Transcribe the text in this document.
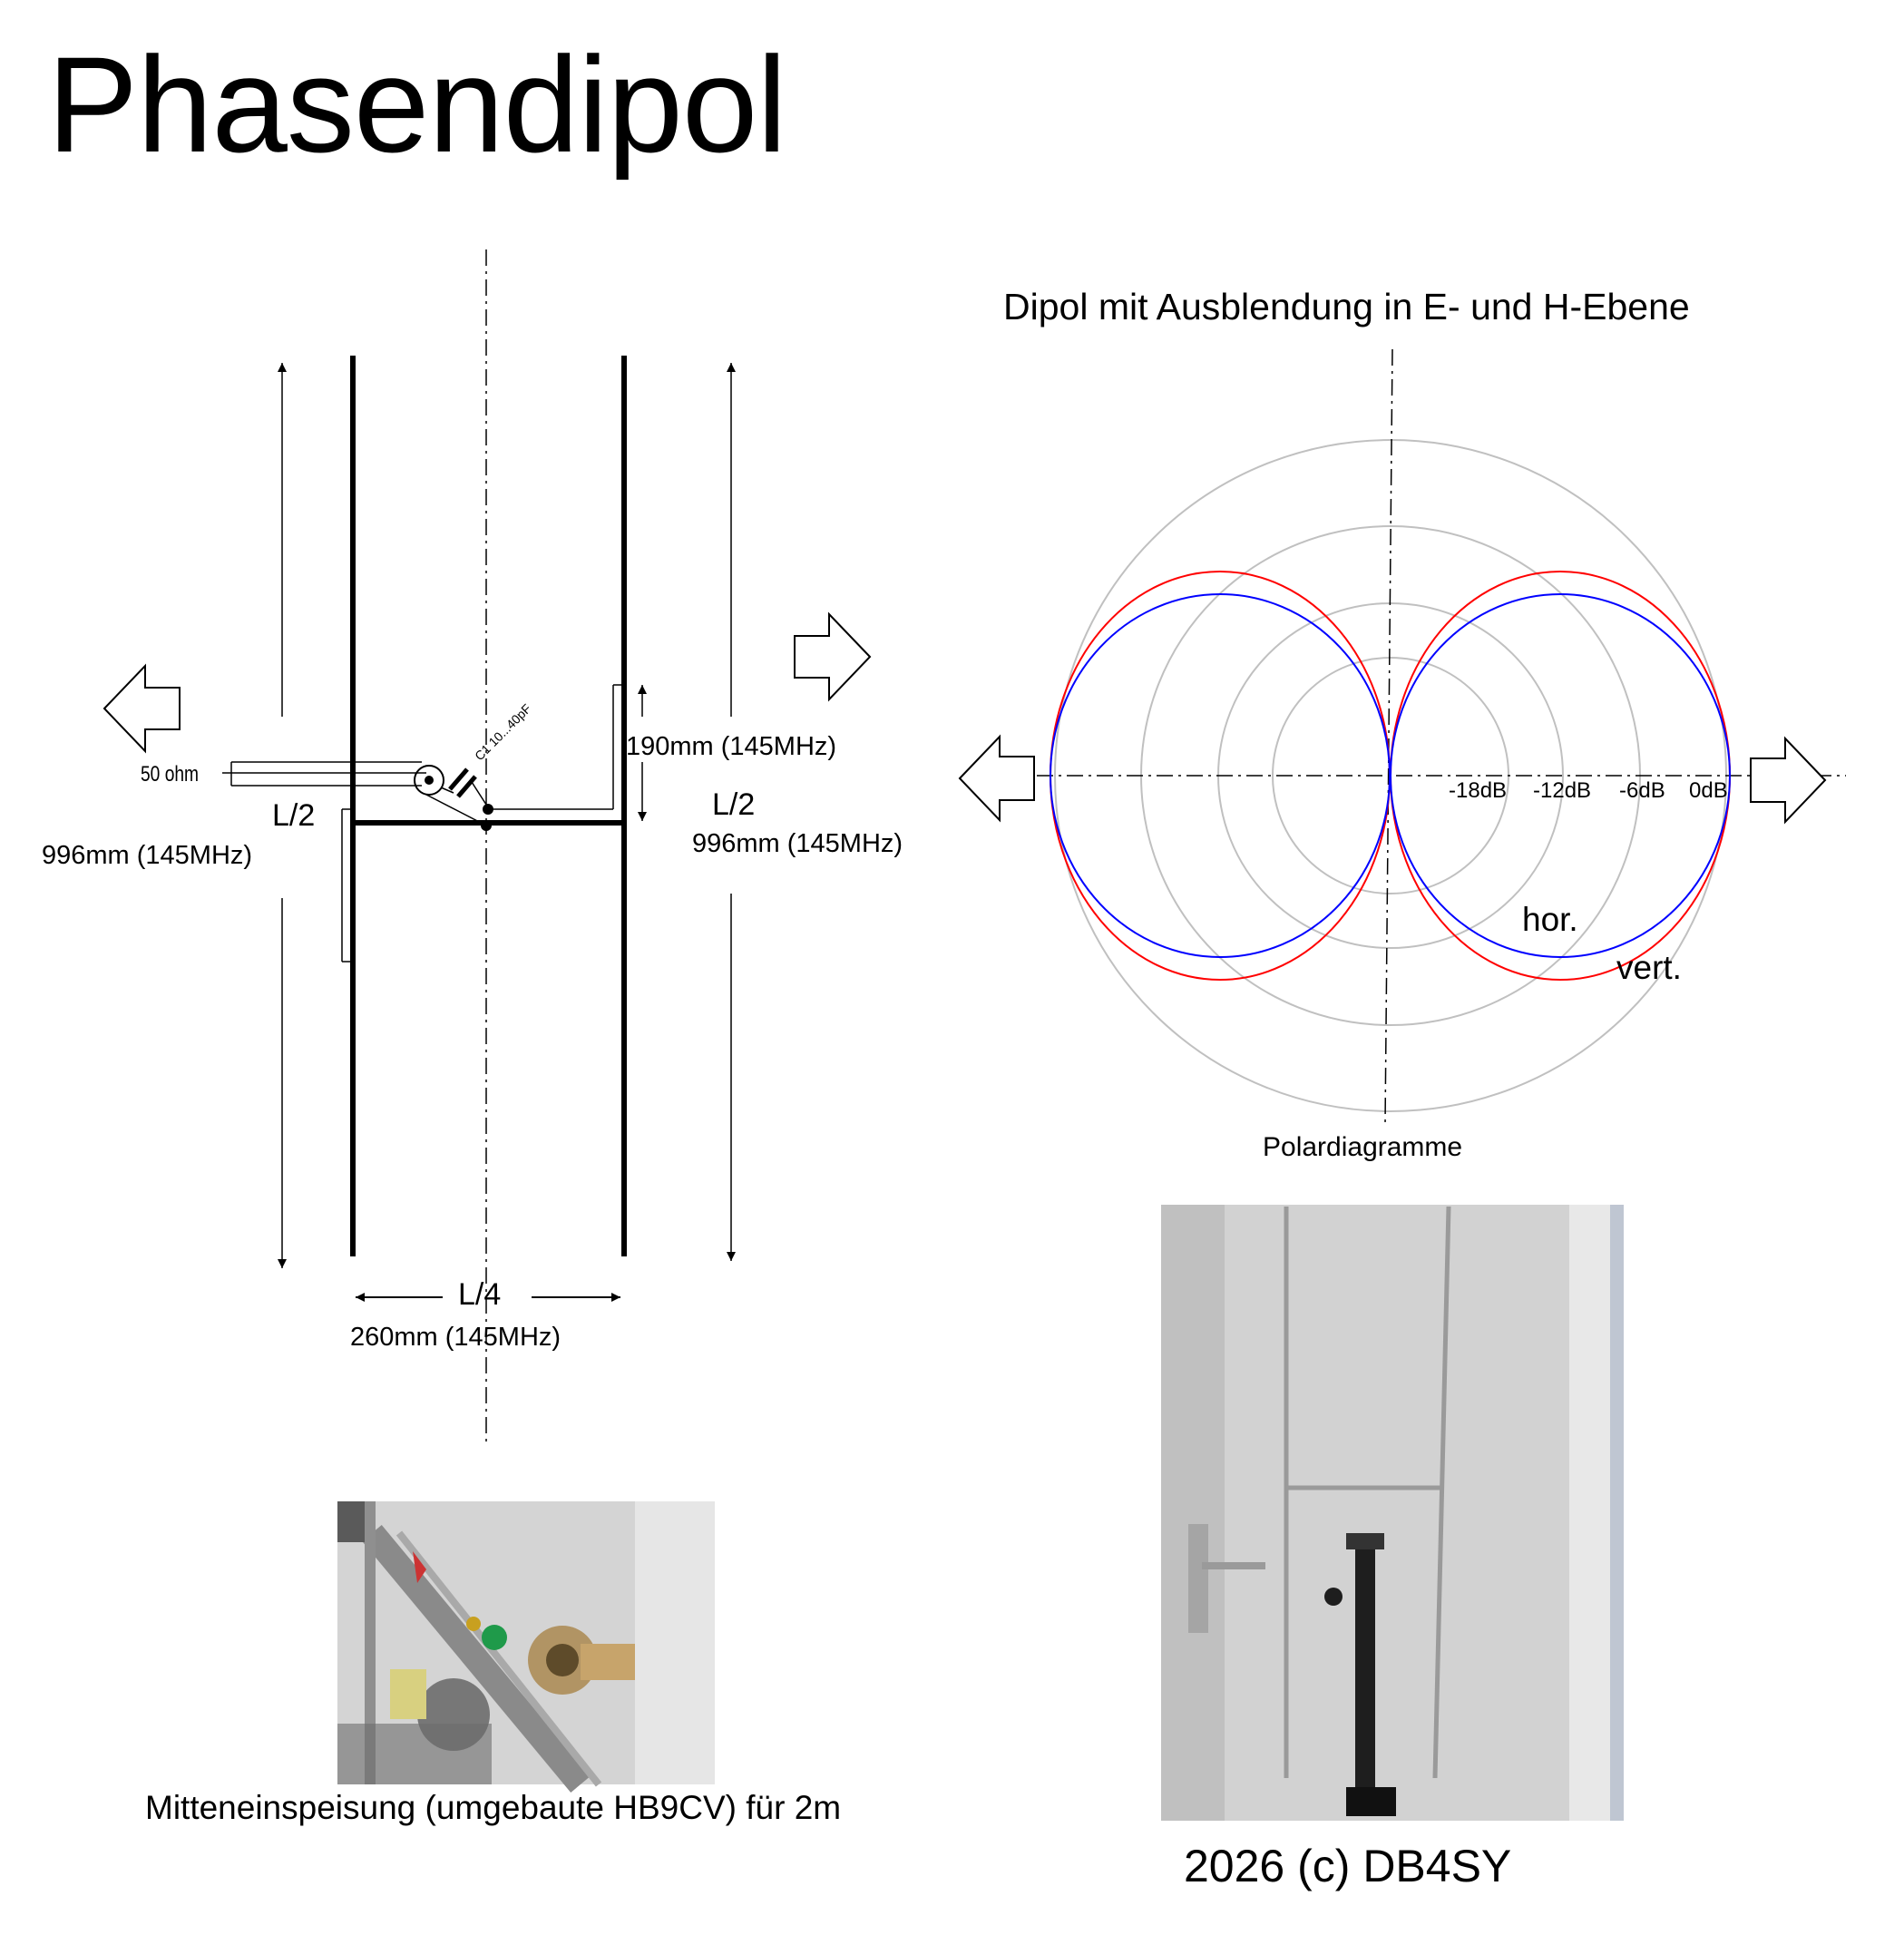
Phasendipol
50 ohm
C1 10...40pF
L/2
996mm (145MHz)
L/2
996mm (145MHz)
190mm (145MHz)
L/4
260mm (145MHz)
Dipol mit Ausblendung in E- und H-Ebene
-18dB -12dB -6dB 0dB
hor.
vert.
Polardiagramme
Mitteneinspeisung (umgebaute HB9CV) für 2m
2026 (c) DB4SY
